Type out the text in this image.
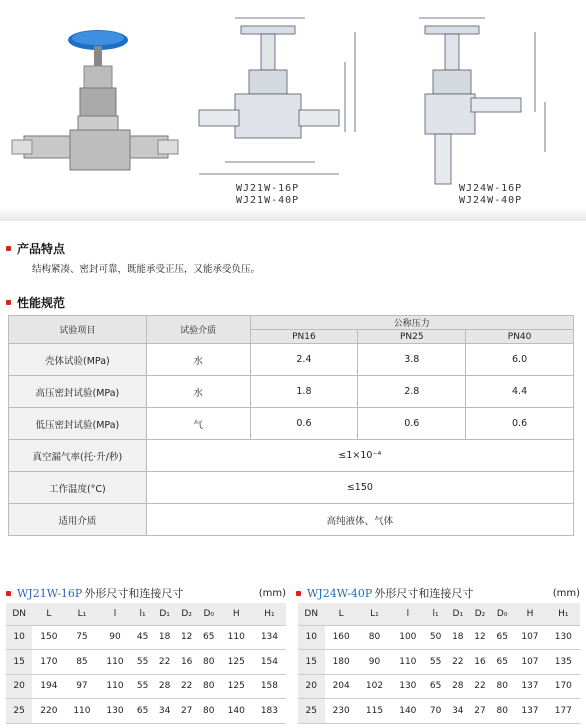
WJ21W-16P
WJ21W-40P
WJ24W-16P
WJ24W-40P
产品特点
结构紧凑、密封可靠，既能承受正压，又能承受负压。
性能规范
试验项目	试验介质	公称压力		
		PN16	PN25	PN40
壳体试验(MPa)	水	2.4	3.8	6.0
高压密封试验(MPa)	水	1.8	2.8	4.4
低压密封试验(MPa)	气	0.6	0.6	0.6
真空漏气率(托·升/秒)	≤1×10⁻⁴			
工作温度(°C)	≤150			
适用介质	高纯液体、气体			
WJ21W-16P 外形尺寸和连接尺寸	(mm) WJ24W-40P 外形尺寸和连接尺寸	(mm)
DN	L	L₁	l	l₁	D₁	D₂	D₀	H	H₁
10	150	75	90	45	18	12	65	110	134
15	170	85	110	55	22	16	80	125	154
20	194	97	110	55	28	22	80	125	158
25	220	110	130	65	34	27	80	140	183
DN	L	L₁	l	l₁	D₁	D₂	D₀	H	H₁
10	160	80	100	50	18	12	65	107	130
15	180	90	110	55	22	16	65	107	135
20	204	102	130	65	28	22	80	137	170
25	230	115	140	70	34	27	80	137	177
